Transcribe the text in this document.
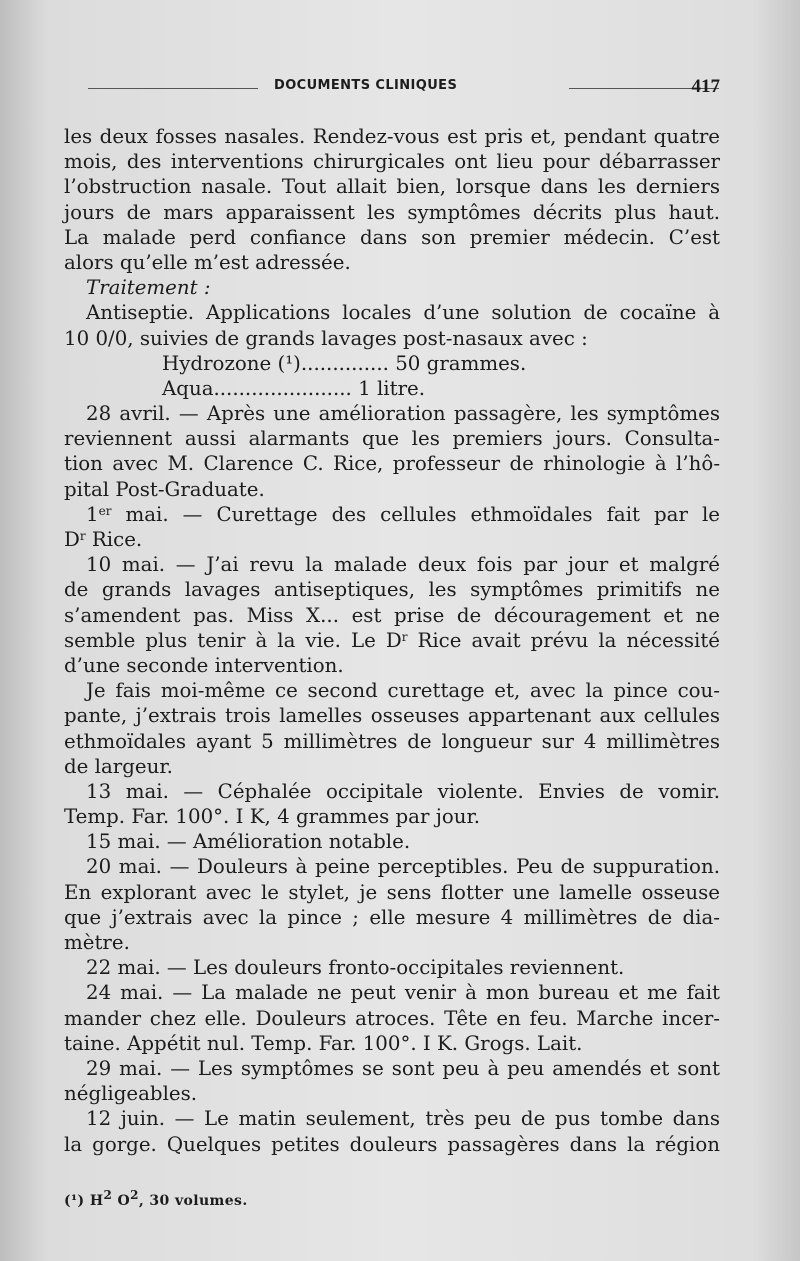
DOCUMENTS CLINIQUES	417
les deux fosses nasales. Rendez-vous est pris et, pendant quatre
mois, des interventions chirurgicales ont lieu pour débarrasser
l’obstruction nasale. Tout allait bien, lorsque dans les derniers
jours de mars apparaissent les symptômes décrits plus haut.
La malade perd confiance dans son premier médecin. C’est
alors qu’elle m’est adressée.
Traitement :
Antiseptie. Applications locales d’une solution de cocaïne à
10 0/0, suivies de grands lavages post-nasaux avec :
Hydrozone (¹).............. 50 grammes.
Aqua...................... 1 litre.
28 avril. — Après une amélioration passagère, les symptômes
reviennent aussi alarmants que les premiers jours. Consulta-
tion avec M. Clarence C. Rice, professeur de rhinologie à l’hô-
pital Post-Graduate.
1er mai. — Curettage des cellules ethmoïdales fait par le
$D^r$ Rice.
10 mai. — J’ai revu la malade deux fois par jour et malgré
de grands lavages antiseptiques, les symptômes primitifs ne
s’amendent pas. Miss X... est prise de découragement et ne
semble plus tenir à la vie. Le $D^r$ Rice avait prévu la nécessité
d’une seconde intervention.
Je fais moi-même ce second curettage et, avec la pince cou-
pante, j’extrais trois lamelles osseuses appartenant aux cellules
ethmoïdales ayant 5 millimètres de longueur sur 4 millimètres
de largeur.
13 mai. — Céphalée occipitale violente. Envies de vomir.
Temp. Far. 100°. I K, 4 grammes par jour.
15 mai. — Amélioration notable.
20 mai. — Douleurs à peine perceptibles. Peu de suppuration.
En explorant avec le stylet, je sens flotter une lamelle osseuse
que j’extrais avec la pince ; elle mesure 4 millimètres de dia-
mètre.
22 mai. — Les douleurs fronto-occipitales reviennent.
24 mai. — La malade ne peut venir à mon bureau et me fait
mander chez elle. Douleurs atroces. Tête en feu. Marche incer-
taine. Appétit nul. Temp. Far. 100°. I K. Grogs. Lait.
29 mai. — Les symptômes se sont peu à peu amendés et sont
négligeables.
12 juin. — Le matin seulement, très peu de pus tombe dans
la gorge. Quelques petites douleurs passagères dans la région
(¹) $H^2$ $O^2$, 30 volumes.
